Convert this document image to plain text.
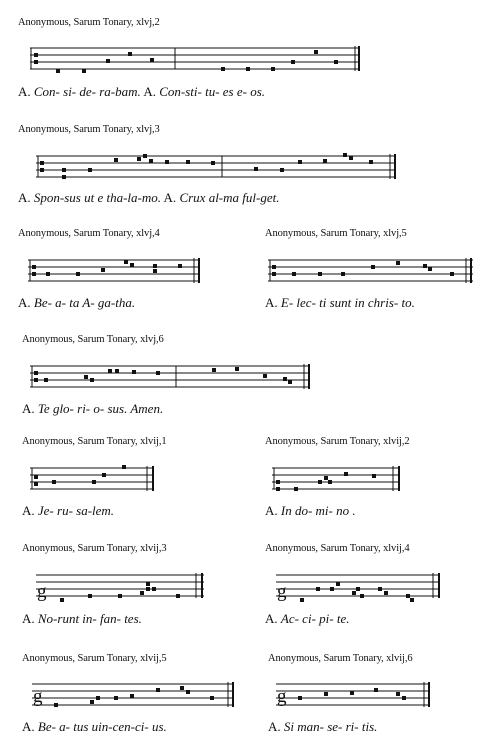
Anonymous, Sarum Tonary, xlvj,2
A. Con- si- de- ra-bam. A. Con-sti- tu- es e- os.
Anonymous, Sarum Tonary, xlvj,3
A. Spon-sus ut e tha-la-mo. A. Crux al-ma ful-get.
Anonymous, Sarum Tonary, xlvj,4
A. Be- a- ta A- ga-tha.
Anonymous, Sarum Tonary, xlvj,5
A. E- lec- ti sunt in chris- to.
Anonymous, Sarum Tonary, xlvj,6
A. Te glo- ri- o- sus. Amen.
Anonymous, Sarum Tonary, xlvij,1
A. Je- ru- sa-lem.
Anonymous, Sarum Tonary, xlvij,2
A. In do- mi- no .
Anonymous, Sarum Tonary, xlvij,3
g
A. No-runt in- fan- tes.
Anonymous, Sarum Tonary, xlvij,4
g
A. Ac- ci- pi- te.
Anonymous, Sarum Tonary, xlvij,5
g
A. Be- a- tus uin-cen-ci- us.
Anonymous, Sarum Tonary, xlvij,6
g
A. Si man- se- ri- tis.
